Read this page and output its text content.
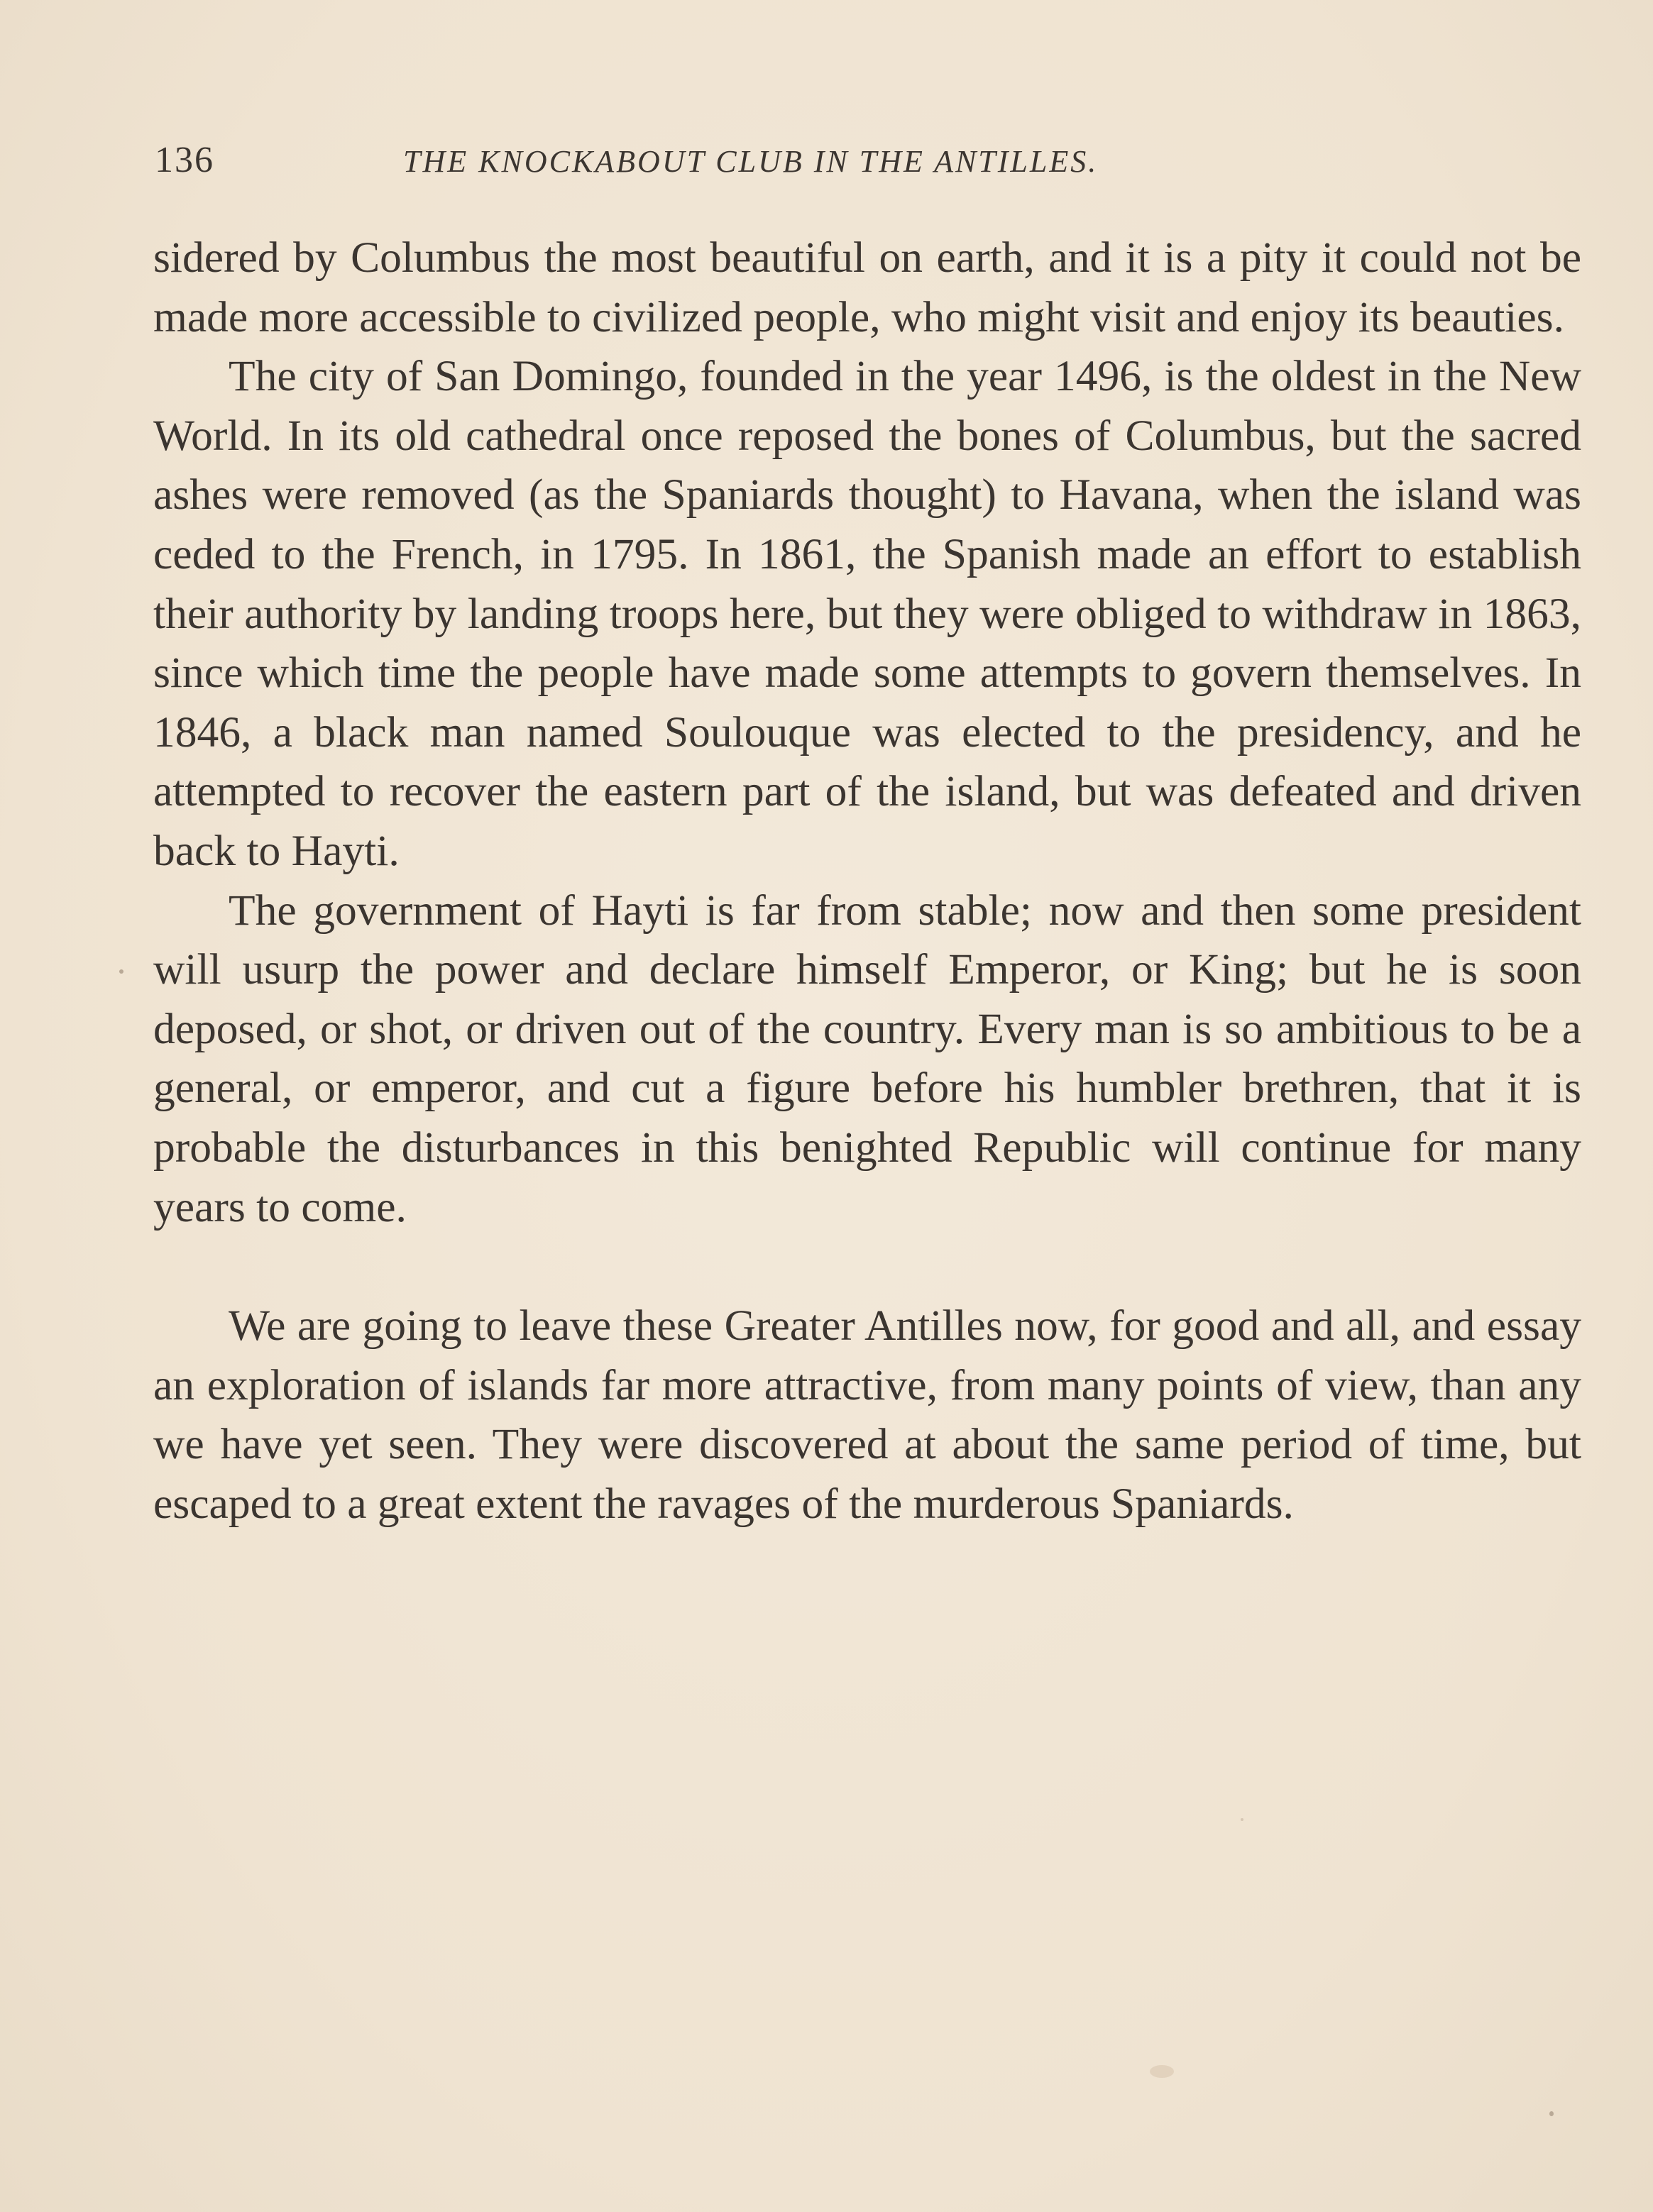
136	THE KNOCKABOUT CLUB IN THE ANTILLES.

sidered by Columbus the most beautiful on earth, and it is a pity it could not be made more accessible to civilized people, who might visit and enjoy its beauties.

The city of San Domingo, founded in the year 1496, is the oldest in the New World. In its old cathedral once reposed the bones of Columbus, but the sacred ashes were removed (as the Spaniards thought) to Havana, when the island was ceded to the French, in 1795. In 1861, the Spanish made an effort to establish their authority by landing troops here, but they were obliged to withdraw in 1863, since which time the people have made some attempts to govern themselves. In 1846, a black man named Soulouque was elected to the presidency, and he attempted to recover the eastern part of the island, but was defeated and driven back to Hayti.

The government of Hayti is far from stable; now and then some president will usurp the power and declare himself Emperor, or King; but he is soon deposed, or shot, or driven out of the country. Every man is so ambitious to be a general, or emperor, and cut a figure before his humbler brethren, that it is probable the disturbances in this benighted Republic will continue for many years to come.

We are going to leave these Greater Antilles now, for good and all, and essay an exploration of islands far more attractive, from many points of view, than any we have yet seen. They were discovered at about the same period of time, but escaped to a great extent the ravages of the murderous Spaniards.
